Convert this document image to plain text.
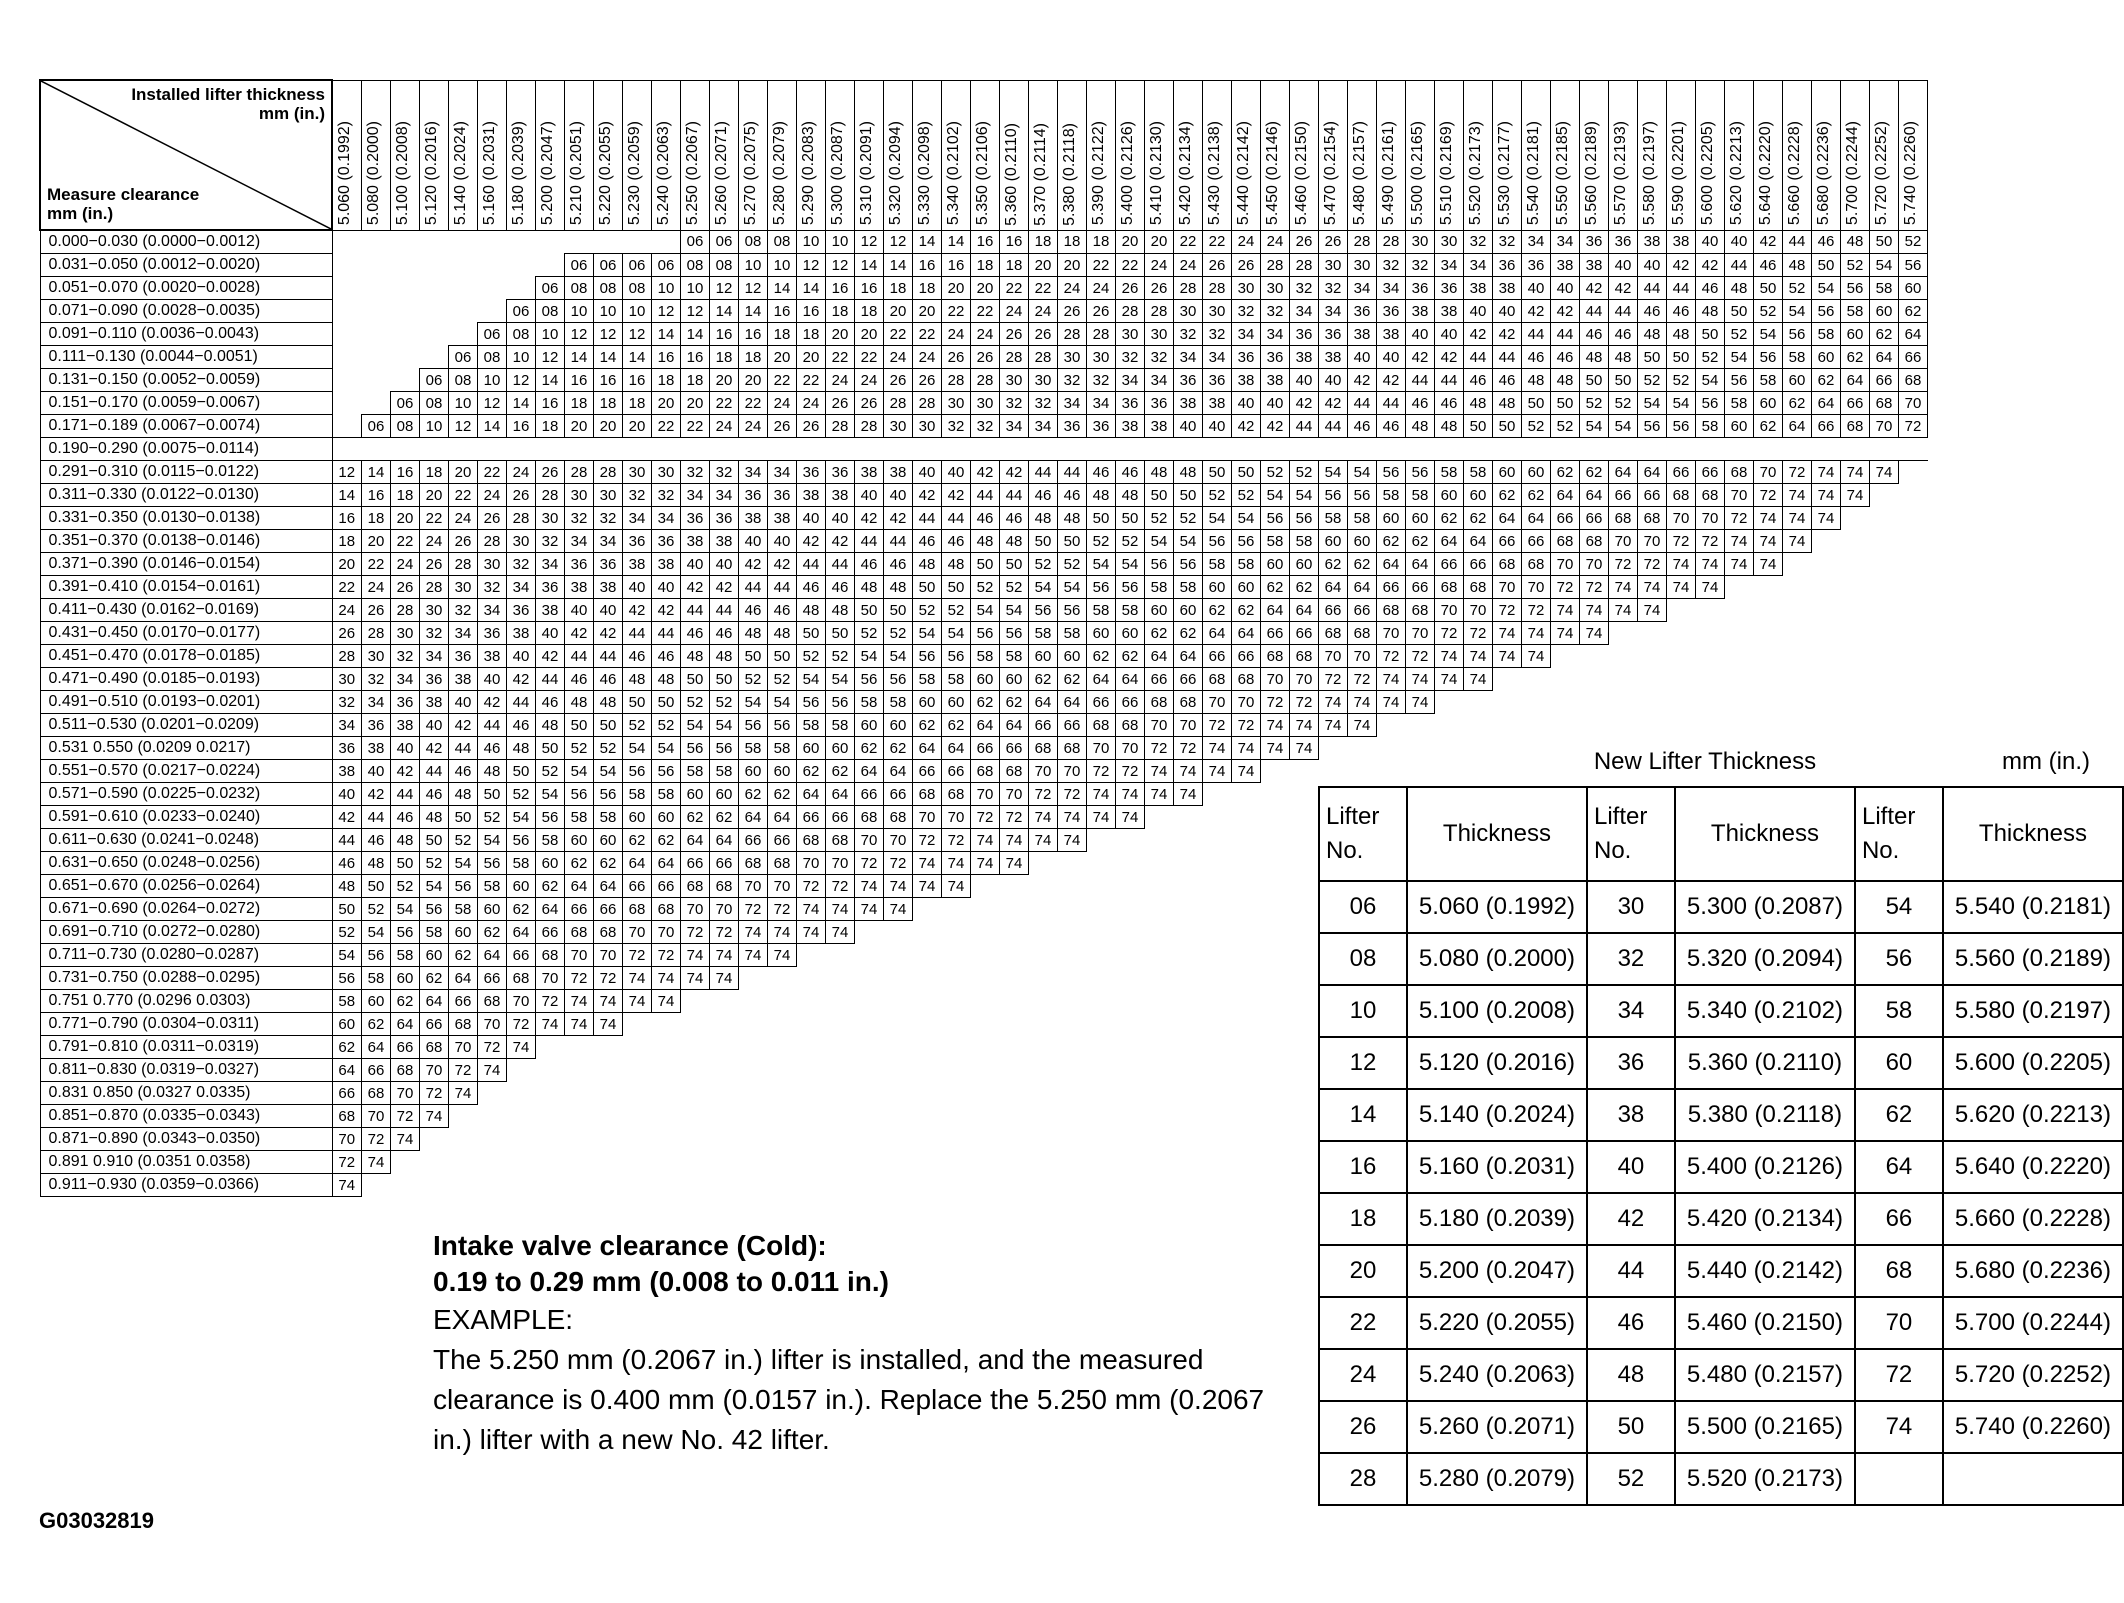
Installed lifter thickness
mm (in.)
Measure clearance
mm (in.)	5.060 (0.1992)	5.080 (0.2000)	5.100 (0.2008)	5.120 (0.2016)	5.140 (0.2024)	5.160 (0.2031)	5.180 (0.2039)	5.200 (0.2047)	5.210 (0.2051)	5.220 (0.2055)	5.230 (0.2059)	5.240 (0.2063)	5.250 (0.2067)	5.260 (0.2071)	5.270 (0.2075)	5.280 (0.2079)	5.290 (0.2083)	5.300 (0.2087)	5.310 (0.2091)	5.320 (0.2094)	5.330 (0.2098)	5.340 (0.2102)	5.350 (0.2106)	5.360 (0.2110)	5.370 (0.2114)	5.380 (0.2118)	5.390 (0.2122)	5.400 (0.2126)	5.410 (0.2130)	5.420 (0.2134)	5.430 (0.2138)	5.440 (0.2142)	5.450 (0.2146)	5.460 (0.2150)	5.470 (0.2154)	5.480 (0.2157)	5.490 (0.2161)	5.500 (0.2165)	5.510 (0.2169)	5.520 (0.2173)	5.530 (0.2177)	5.540 (0.2181)	5.550 (0.2185)	5.560 (0.2189)	5.570 (0.2193)	5.580 (0.2197)	5.590 (0.2201)	5.600 (0.2205)	5.620 (0.2213)	5.640 (0.2220)	5.660 (0.2228)	5.680 (0.2236)	5.700 (0.2244)	5.720 (0.2252)	5.740 (0.2260)

0.000−0.030 (0.0000−0.0012)													06	06	08	08	10	10	12	12	14	14	16	16	18	18	18	20	20	22	22	24	24	26	26	28	28	30	30	32	32	34	34	36	36	38	38	40	40	42	44	46	48	50	52
0.031−0.050 (0.0012−0.0020)									06	06	06	06	08	08	10	10	12	12	14	14	16	16	18	18	20	20	22	22	24	24	26	26	28	28	30	30	32	32	34	34	36	36	38	38	40	40	42	42	44	46	48	50	52	54	56
0.051−0.070 (0.0020−0.0028)								06	08	08	08	10	10	12	12	14	14	16	16	18	18	20	20	22	22	24	24	26	26	28	28	30	30	32	32	34	34	36	36	38	38	40	40	42	42	44	44	46	48	50	52	54	56	58	60
0.071−0.090 (0.0028−0.0035)							06	08	10	10	10	12	12	14	14	16	16	18	18	20	20	22	22	24	24	26	26	28	28	30	30	32	32	34	34	36	36	38	38	40	40	42	42	44	44	46	46	48	50	52	54	56	58	60	62
0.091−0.110 (0.0036−0.0043)						06	08	10	12	12	12	14	14	16	16	18	18	20	20	22	22	24	24	26	26	28	28	30	30	32	32	34	34	36	36	38	38	40	40	42	42	44	44	46	46	48	48	50	52	54	56	58	60	62	64
0.111−0.130 (0.0044−0.0051)					06	08	10	12	14	14	14	16	16	18	18	20	20	22	22	24	24	26	26	28	28	30	30	32	32	34	34	36	36	38	38	40	40	42	42	44	44	46	46	48	48	50	50	52	54	56	58	60	62	64	66
0.131−0.150 (0.0052−0.0059)				06	08	10	12	14	16	16	16	18	18	20	20	22	22	24	24	26	26	28	28	30	30	32	32	34	34	36	36	38	38	40	40	42	42	44	44	46	46	48	48	50	50	52	52	54	56	58	60	62	64	66	68
0.151−0.170 (0.0059−0.0067)			06	08	10	12	14	16	18	18	18	20	20	22	22	24	24	26	26	28	28	30	30	32	32	34	34	36	36	38	38	40	40	42	42	44	44	46	46	48	48	50	50	52	52	54	54	56	58	60	62	64	66	68	70
0.171−0.189 (0.0067−0.0074)		06	08	10	12	14	16	18	20	20	20	22	22	24	24	26	26	28	28	30	30	32	32	34	34	36	36	38	38	40	40	42	42	44	44	46	46	48	48	50	50	52	52	54	54	56	56	58	60	62	64	66	68	70	72
0.190−0.290 (0.0075−0.0114)																																																							
0.291−0.310 (0.0115−0.0122)	12	14	16	18	20	22	24	26	28	28	30	30	32	32	34	34	36	36	38	38	40	40	42	42	44	44	46	46	48	48	50	50	52	52	54	54	56	56	58	58	60	60	62	62	64	64	66	66	68	70	72	74	74	74	
0.311−0.330 (0.0122−0.0130)	14	16	18	20	22	24	26	28	30	30	32	32	34	34	36	36	38	38	40	40	42	42	44	44	46	46	48	48	50	50	52	52	54	54	56	56	58	58	60	60	62	62	64	64	66	66	68	68	70	72	74	74	74		
0.331−0.350 (0.0130−0.0138)	16	18	20	22	24	26	28	30	32	32	34	34	36	36	38	38	40	40	42	42	44	44	46	46	48	48	50	50	52	52	54	54	56	56	58	58	60	60	62	62	64	64	66	66	68	68	70	70	72	74	74	74			
0.351−0.370 (0.0138−0.0146)	18	20	22	24	26	28	30	32	34	34	36	36	38	38	40	40	42	42	44	44	46	46	48	48	50	50	52	52	54	54	56	56	58	58	60	60	62	62	64	64	66	66	68	68	70	70	72	72	74	74	74				
0.371−0.390 (0.0146−0.0154)	20	22	24	26	28	30	32	34	36	36	38	38	40	40	42	42	44	44	46	46	48	48	50	50	52	52	54	54	56	56	58	58	60	60	62	62	64	64	66	66	68	68	70	70	72	72	74	74	74	74					
0.391−0.410 (0.0154−0.0161)	22	24	26	28	30	32	34	36	38	38	40	40	42	42	44	44	46	46	48	48	50	50	52	52	54	54	56	56	58	58	60	60	62	62	64	64	66	66	68	68	70	70	72	72	74	74	74	74							
0.411−0.430 (0.0162−0.0169)	24	26	28	30	32	34	36	38	40	40	42	42	44	44	46	46	48	48	50	50	52	52	54	54	56	56	58	58	60	60	62	62	64	64	66	66	68	68	70	70	72	72	74	74	74	74									
0.431−0.450 (0.0170−0.0177)	26	28	30	32	34	36	38	40	42	42	44	44	46	46	48	48	50	50	52	52	54	54	56	56	58	58	60	60	62	62	64	64	66	66	68	68	70	70	72	72	74	74	74	74											
0.451−0.470 (0.0178−0.0185)	28	30	32	34	36	38	40	42	44	44	46	46	48	48	50	50	52	52	54	54	56	56	58	58	60	60	62	62	64	64	66	66	68	68	70	70	72	72	74	74	74	74													
0.471−0.490 (0.0185−0.0193)	30	32	34	36	38	40	42	44	46	46	48	48	50	50	52	52	54	54	56	56	58	58	60	60	62	62	64	64	66	66	68	68	70	70	72	72	74	74	74	74															
0.491−0.510 (0.0193−0.0201)	32	34	36	38	40	42	44	46	48	48	50	50	52	52	54	54	56	56	58	58	60	60	62	62	64	64	66	66	68	68	70	70	72	72	74	74	74	74																	
0.511−0.530 (0.0201−0.0209)	34	36	38	40	42	44	46	48	50	50	52	52	54	54	56	56	58	58	60	60	62	62	64	64	66	66	68	68	70	70	72	72	74	74	74	74																			
0.531 0.550 (0.0209 0.0217)	36	38	40	42	44	46	48	50	52	52	54	54	56	56	58	58	60	60	62	62	64	64	66	66	68	68	70	70	72	72	74	74	74	74																					
0.551−0.570 (0.0217−0.0224)	38	40	42	44	46	48	50	52	54	54	56	56	58	58	60	60	62	62	64	64	66	66	68	68	70	70	72	72	74	74	74	74																							
0.571−0.590 (0.0225−0.0232)	40	42	44	46	48	50	52	54	56	56	58	58	60	60	62	62	64	64	66	66	68	68	70	70	72	72	74	74	74	74																									
0.591−0.610 (0.0233−0.0240)	42	44	46	48	50	52	54	56	58	58	60	60	62	62	64	64	66	66	68	68	70	70	72	72	74	74	74	74																											
0.611−0.630 (0.0241−0.0248)	44	46	48	50	52	54	56	58	60	60	62	62	64	64	66	66	68	68	70	70	72	72	74	74	74	74																													
0.631−0.650 (0.0248−0.0256)	46	48	50	52	54	56	58	60	62	62	64	64	66	66	68	68	70	70	72	72	74	74	74	74																															
0.651−0.670 (0.0256−0.0264)	48	50	52	54	56	58	60	62	64	64	66	66	68	68	70	70	72	72	74	74	74	74																																	
0.671−0.690 (0.0264−0.0272)	50	52	54	56	58	60	62	64	66	66	68	68	70	70	72	72	74	74	74	74																																			
0.691−0.710 (0.0272−0.0280)	52	54	56	58	60	62	64	66	68	68	70	70	72	72	74	74	74	74																																					
0.711−0.730 (0.0280−0.0287)	54	56	58	60	62	64	66	68	70	70	72	72	74	74	74	74																																							
0.731−0.750 (0.0288−0.0295)	56	58	60	62	64	66	68	70	72	72	74	74	74	74																																									
0.751 0.770 (0.0296 0.0303)	58	60	62	64	66	68	70	72	74	74	74	74																																											
0.771−0.790 (0.0304−0.0311)	60	62	64	66	68	70	72	74	74	74																																													
0.791−0.810 (0.0311−0.0319)	62	64	66	68	70	72	74																																																
0.811−0.830 (0.0319−0.0327)	64	66	68	70	72	74																																																	
0.831 0.850 (0.0327 0.0335)	66	68	70	72	74																																																		
0.851−0.870 (0.0335−0.0343)	68	70	72	74																																																			
0.871−0.890 (0.0343−0.0350)	70	72	74																																																				
0.891 0.910 (0.0351 0.0358)	72	74																																																					
0.911−0.930 (0.0359−0.0366)	74																																																						
Intake valve clearance (Cold):
0.19 to 0.29 mm (0.008 to 0.011 in.)
EXAMPLE:
The 5.250 mm (0.2067 in.) lifter is installed, and the measured clearance is 0.400 mm (0.0157 in.). Replace the 5.250 mm (0.2067 in.) lifter with a new No. 42 lifter.
G03032819
New Lifter Thickness	mm (in.)
Lifter
No.	Thickness	Lifter
No.	Thickness	Lifter
No.	Thickness
06	5.060 (0.1992)	30	5.300 (0.2087)	54	5.540 (0.2181)
08	5.080 (0.2000)	32	5.320 (0.2094)	56	5.560 (0.2189)
10	5.100 (0.2008)	34	5.340 (0.2102)	58	5.580 (0.2197)
12	5.120 (0.2016)	36	5.360 (0.2110)	60	5.600 (0.2205)
14	5.140 (0.2024)	38	5.380 (0.2118)	62	5.620 (0.2213)
16	5.160 (0.2031)	40	5.400 (0.2126)	64	5.640 (0.2220)
18	5.180 (0.2039)	42	5.420 (0.2134)	66	5.660 (0.2228)
20	5.200 (0.2047)	44	5.440 (0.2142)	68	5.680 (0.2236)
22	5.220 (0.2055)	46	5.460 (0.2150)	70	5.700 (0.2244)
24	5.240 (0.2063)	48	5.480 (0.2157)	72	5.720 (0.2252)
26	5.260 (0.2071)	50	5.500 (0.2165)	74	5.740 (0.2260)
28	5.280 (0.2079)	52	5.520 (0.2173)		
